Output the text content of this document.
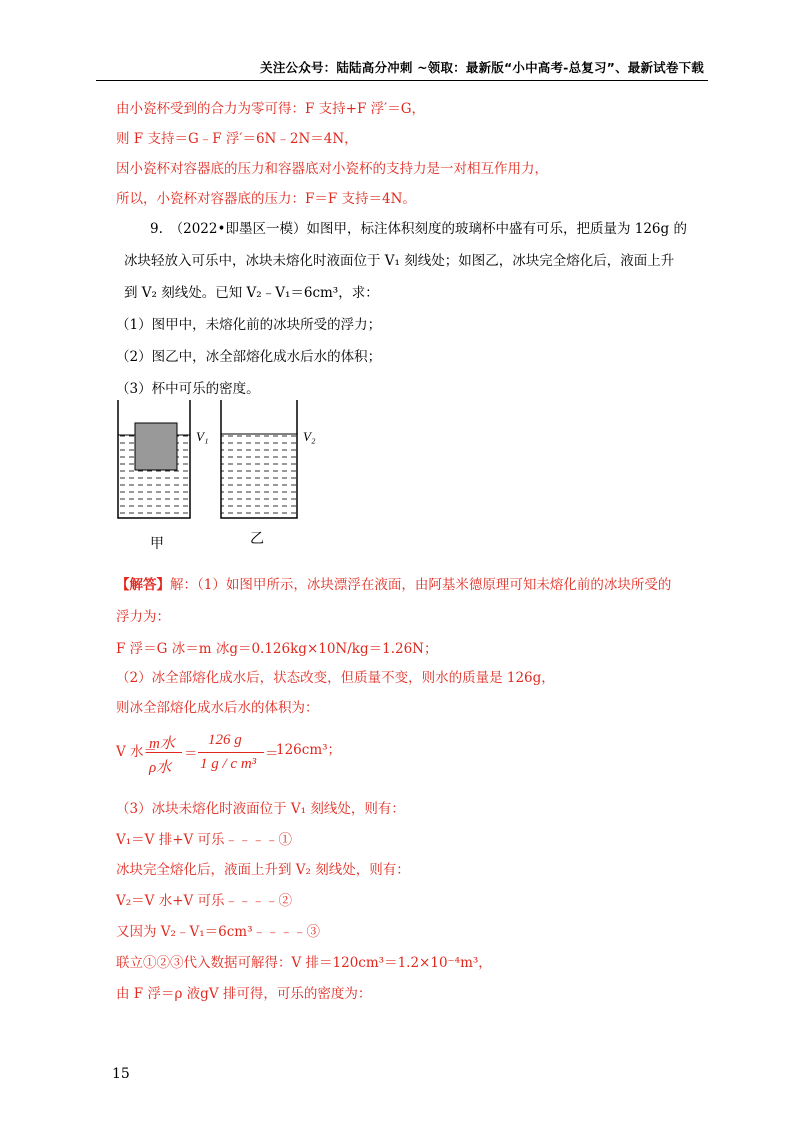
关注公众号：陆陆高分冲刺 ~领取：最新版“小中高考-总复习”、最新试卷下载
由小瓷杯受到的合力为零可得：F 支持+F 浮′＝G，
则 F 支持＝G﹣F 浮′＝6N﹣2N＝4N，
因小瓷杯对容器底的压力和容器底对小瓷杯的支持力是一对相互作用力，
所以，小瓷杯对容器底的压力：F＝F 支持＝4N。
9.　（2022•即墨区一模）如图甲，标注体积刻度的玻璃杯中盛有可乐，把质量为 126g 的
冰块轻放入可乐中，冰块未熔化时液面位于 V₁ 刻线处；如图乙，冰块完全熔化后，液面上升
到 V₂ 刻线处。已知 V₂﹣V₁＝6cm³，求：
（1）图甲中，未熔化前的冰块所受的浮力；
（2）图乙中，冰全部熔化成水后水的体积；
（3）杯中可乐的密度。
V₁	V₂
甲	乙
【解答】解：（1）如图甲所示，冰块漂浮在液面，由阿基米德原理可知未熔化前的冰块所受的
浮力为：
F 浮＝G 冰＝m 冰g＝0.126kg×10N/kg＝1.26N；
（2）冰全部熔化成水后，状态改变，但质量不变，则水的质量是 126g，
则冰全部熔化成水后水的体积为：
V 水＝
m水
ρ水
＝
126 g
1 g / c m³
＝
126cm³；
（3）冰块未熔化时液面位于 V₁ 刻线处，则有：
V₁＝V 排+V 可乐﹣﹣﹣﹣①
冰块完全熔化后，液面上升到 V₂ 刻线处，则有：
V₂＝V 水+V 可乐﹣﹣﹣﹣②
又因为 V₂﹣V₁＝6cm³﹣﹣﹣﹣③
联立①②③代入数据可解得：V 排＝120cm³＝1.2×10⁻⁴m³，
由 F 浮＝ρ 液gV 排可得，可乐的密度为：
15
